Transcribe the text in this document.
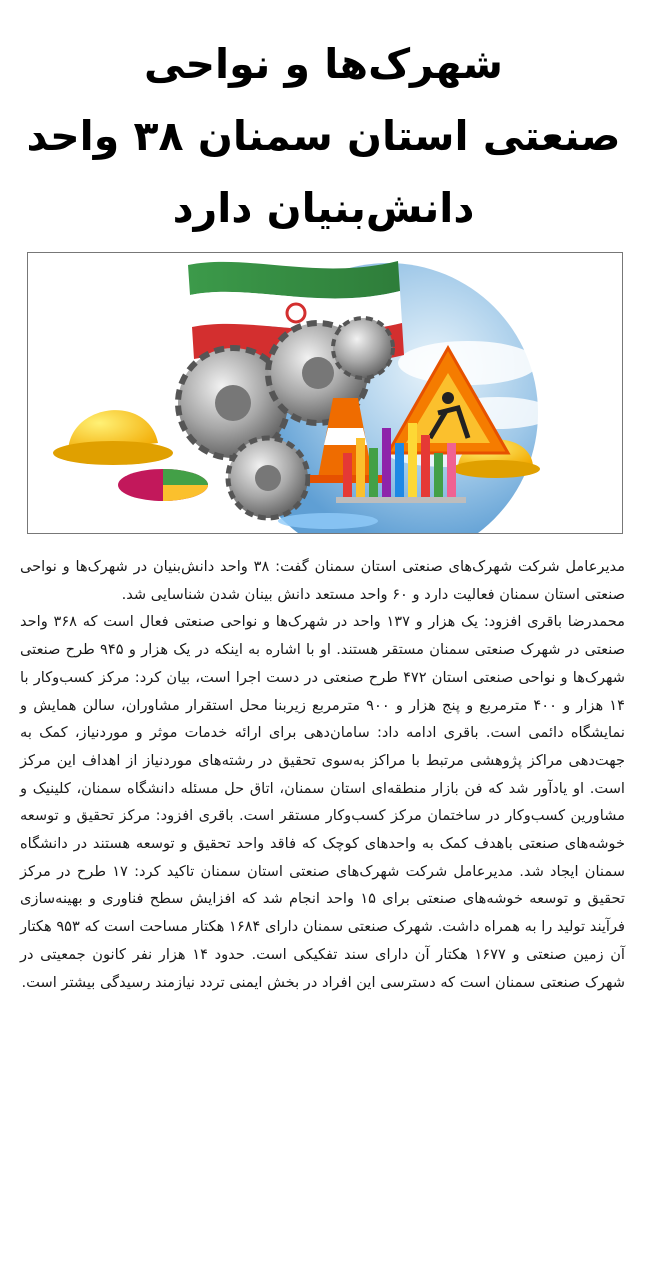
شهرک‌ها و نواحی
صنعتی استان سمنان ۳۸ واحد
دانش‌بنیان دارد

مدیرعامل شرکت شهرک‌های صنعتی استان سمنان گفت: ۳۸ واحد دانش‌بنیان در شهرک‌ها و نواحی صنعتی استان سمنان فعالیت دارد و ۶۰ واحد مستعد دانش بینان شدن شناسایی شد.

محمدرضا باقری افزود: یک هزار و ۱۳۷ واحد در شهرک‌ها و نواحی صنعتی فعال است که ۳۶۸ واحد صنعتی در شهرک صنعتی سمنان مستقر هستند. او با اشاره به اینکه در یک هزار و ۹۴۵ طرح صنعتی شهرک‌ها و نواحی صنعتی استان ۴۷۲ طرح صنعتی در دست اجرا است، بیان کرد: مرکز کسب‌وکار با ۱۴ هزار و ۴۰۰ مترمربع و پنج هزار و ۹۰۰ مترمربع زیربنا محل استقرار مشاوران، سالن همایش و نمایشگاه دائمی است. باقری ادامه داد: سامان‌دهی برای ارائه خدمات موثر و موردنیاز، کمک به جهت‌دهی مراکز پژوهشی مرتبط با مراکز به‌سوی تحقیق در رشته‌های موردنیاز از اهداف این مرکز است. او یادآور شد که فن بازار منطقه‌ای استان سمنان، اتاق حل مسئله دانشگاه سمنان، کلینیک و مشاورین کسب‌وکار در ساختمان مرکز کسب‌وکار مستقر است. باقری افزود: مرکز تحقیق و توسعه خوشه‌های صنعتی باهدف کمک به واحدهای کوچک که فاقد واحد تحقیق و توسعه هستند در دانشگاه سمنان ایجاد شد. مدیرعامل شرکت شهرک‌های صنعتی استان سمنان تاکید کرد: ۱۷ طرح در مرکز تحقیق و توسعه خوشه‌های صنعتی برای ۱۵ واحد انجام شد که افزایش سطح فناوری و بهینه‌سازی فرآیند تولید را به همراه داشت. شهرک صنعتی سمنان دارای ۱۶۸۴ هکتار مساحت است که ۹۵۳ هکتار آن زمین صنعتی و ۱۶۷۷ هکتار آن دارای سند تفکیکی است. حدود ۱۴ هزار نفر کانون جمعیتی در شهرک صنعتی سمنان است که دسترسی این افراد در بخش ایمنی تردد نیازمند رسیدگی بیشتر است.
